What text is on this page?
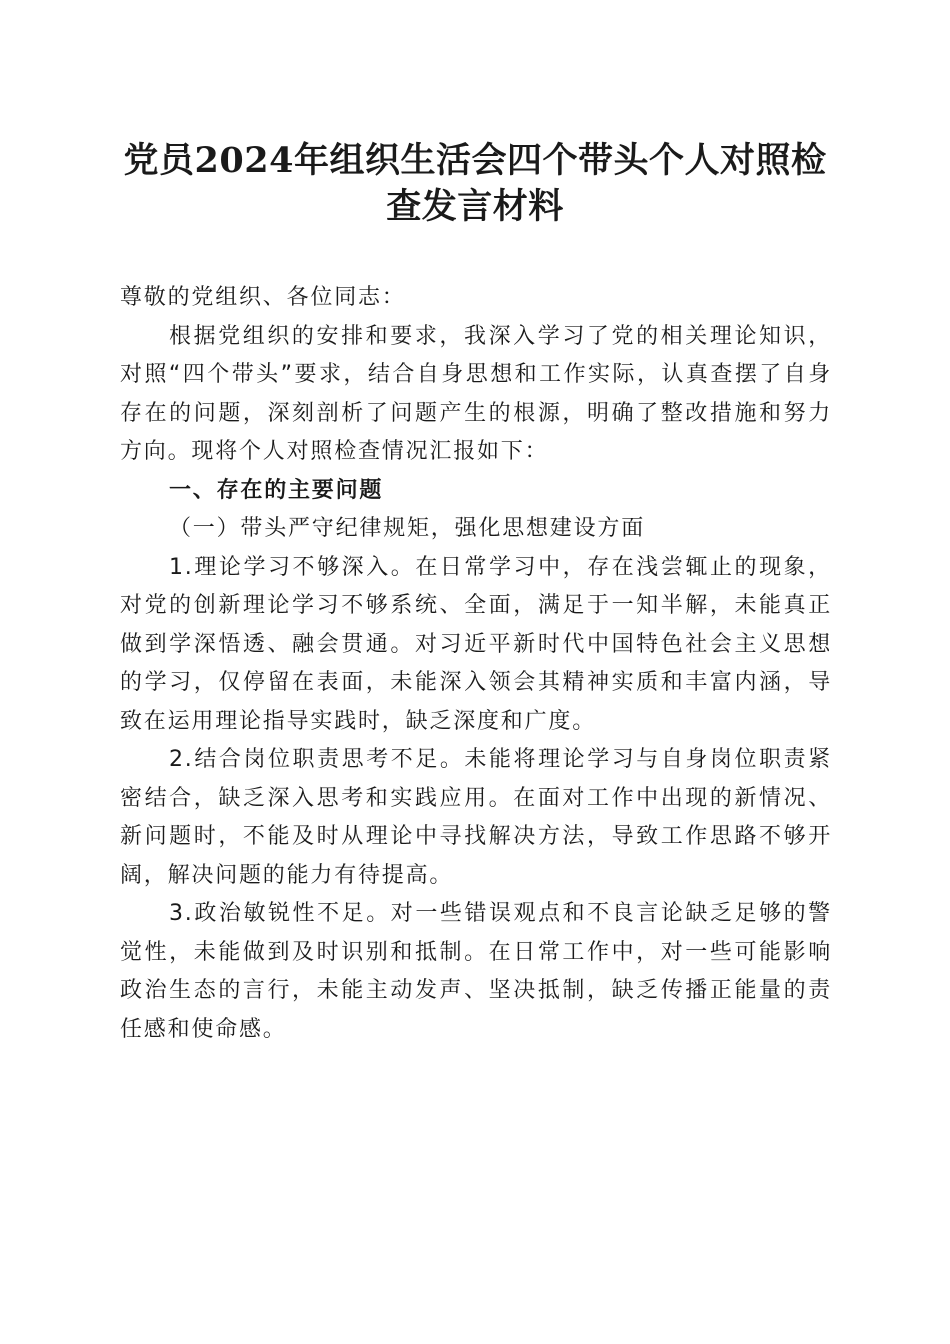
党员2024年组织生活会四个带头个人对照检查发言材料

尊敬的党组织、各位同志：

根据党组织的安排和要求，我深入学习了党的相关理论知识，对照“四个带头”要求，结合自身思想和工作实际，认真查摆了自身存在的问题，深刻剖析了问题产生的根源，明确了整改措施和努力方向。现将个人对照检查情况汇报如下：

一、存在的主要问题

（一）带头严守纪律规矩，强化思想建设方面

1.理论学习不够深入。在日常学习中，存在浅尝辄止的现象，对党的创新理论学习不够系统、全面，满足于一知半解，未能真正做到学深悟透、融会贯通。对习近平新时代中国特色社会主义思想的学习，仅停留在表面，未能深入领会其精神实质和丰富内涵，导致在运用理论指导实践时，缺乏深度和广度。

2.结合岗位职责思考不足。未能将理论学习与自身岗位职责紧密结合，缺乏深入思考和实践应用。在面对工作中出现的新情况、新问题时，不能及时从理论中寻找解决方法，导致工作思路不够开阔，解决问题的能力有待提高。

3.政治敏锐性不足。对一些错误观点和不良言论缺乏足够的警觉性，未能做到及时识别和抵制。在日常工作中，对一些可能影响政治生态的言行，未能主动发声、坚决抵制，缺乏传播正能量的责任感和使命感。
